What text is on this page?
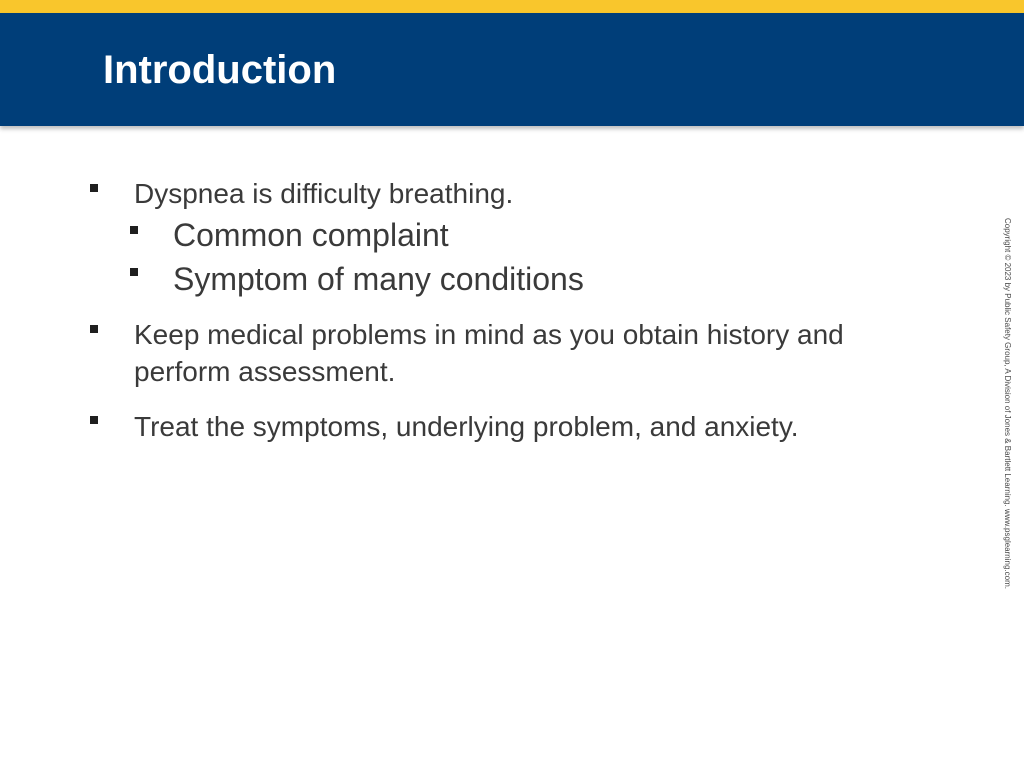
Introduction

Dyspnea is difficulty breathing.

Common complaint

Symptom of many conditions

Keep medical problems in mind as you obtain history and

perform assessment.

Treat the symptoms, underlying problem, and anxiety.	Copyright © 2023 by Public Safety Group, A Division of Jones & Bartlett Learning. www.psglearning.com.
